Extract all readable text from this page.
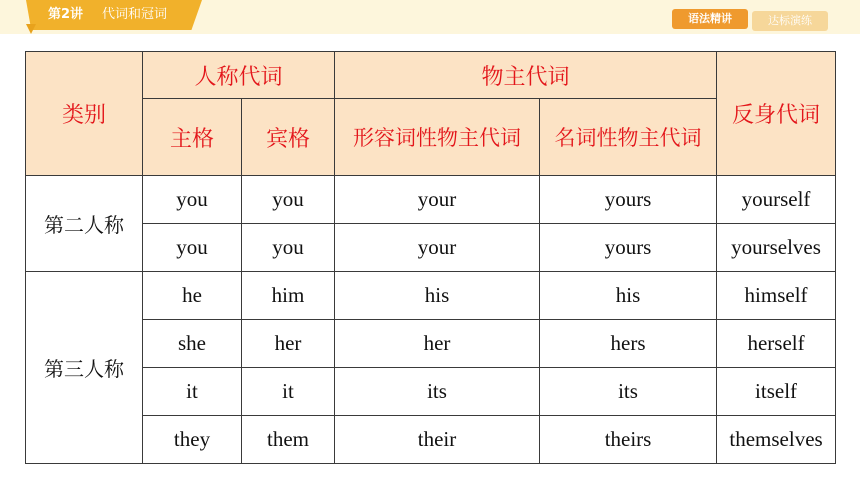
第2讲 代词和冠词	语法精讲	达标演练
类别	人称代词		物主代词		反身代词
	主格	宾格	形容词性物主代词	名词性物主代词	
第二人称	you	you	your	yours	yourself
	you	you	your	yours	yourselves
第三人称	he	him	his	his	himself
	she	her	her	hers	herself
	it	it	its	its	itself
	they	them	their	theirs	themselves
